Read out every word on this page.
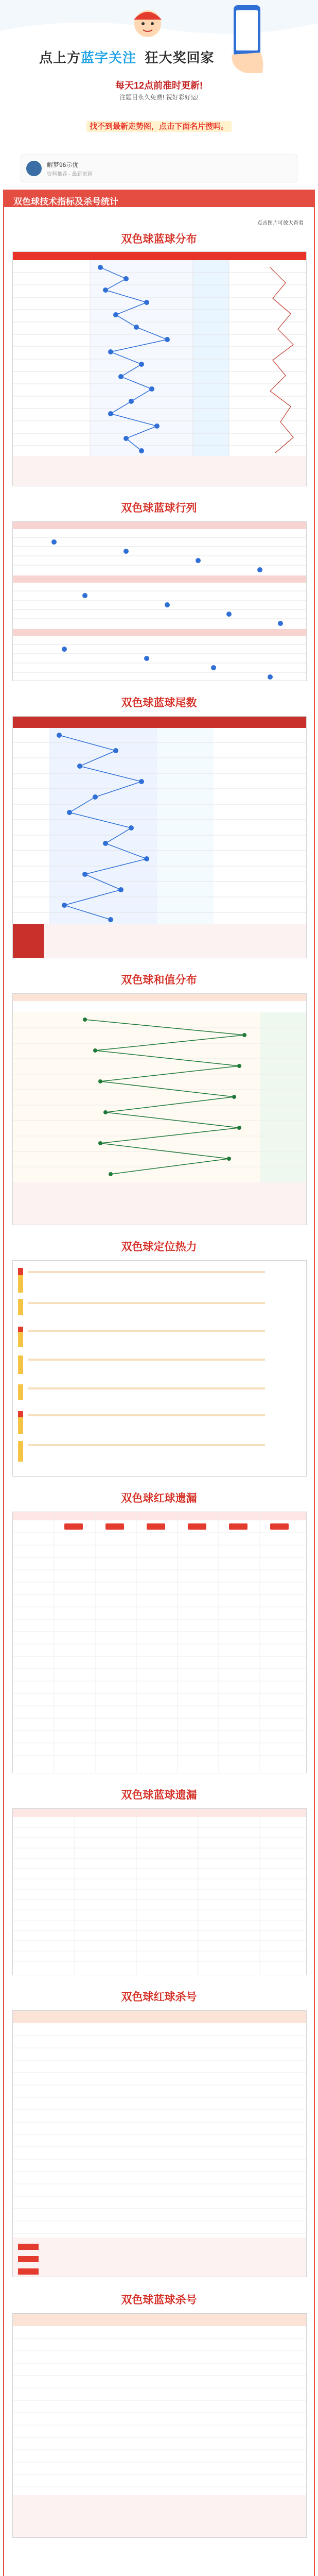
点上方蓝字关注 狂大奖回家
每天12点前准时更新!
注题目永久免费! 祝好彩好运!
找不到最新走势图，点击下面名片搜吗。
解梦96示优
资料推荐 · 最新更新
双色球技术指标及杀号统计
双色球蓝球分布
点击图片可放大查看
双色球蓝球行列
双色球蓝球尾数
双色球和值分布
双色球定位热力
双色球红球遗漏
双色球蓝球遗漏
双色球红球杀号
双色球蓝球杀号
